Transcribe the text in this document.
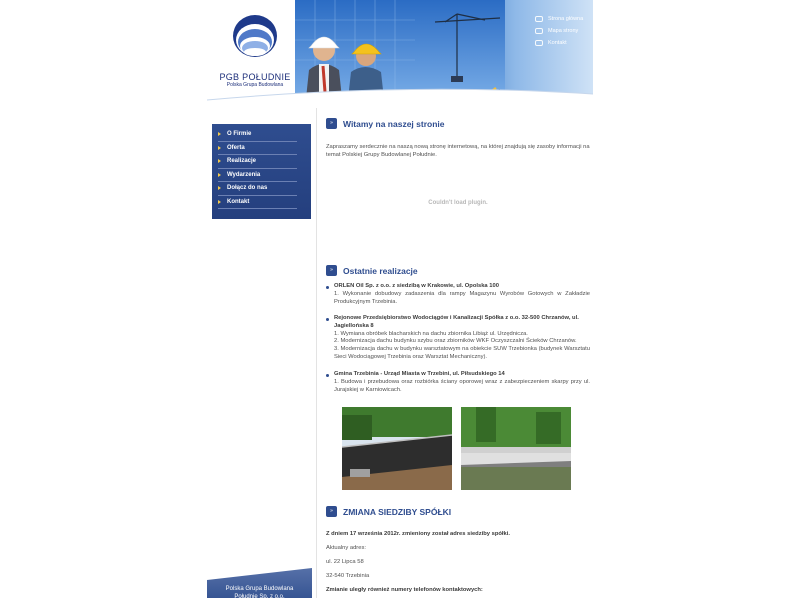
PGB POŁUDNIE
Polska Grupa Budowlana
Strona główna
Mapa strony
Kontakt
O Firmie
Oferta
Realizacje
Wydarzenia
Dołącz do nas
Kontakt
Polska Grupa Budowlana
Południe Sp. z o.o.
» Witamy na naszej stronie
Zapraszamy serdecznie na naszą nową stronę internetową, na której znajdują się zasoby informacji na temat Polskiej Grupy Budowlanej Południe.
Couldn't load plugin.
» Ostatnie realizacje
ORLEN Oil Sp. z o.o. z siedzibą w Krakowie, ul. Opolska 100
1. Wykonanie dobudowy zadaszenia dla rampy Magazynu Wyrobów Gotowych w Zakładzie Produkcyjnym Trzebinia.
Rejonowe Przedsiębiorstwo Wodociągów i Kanalizacji Spółka z o.o. 32-500 Chrzanów, ul. Jagiellońska 8
1. Wymiana obróbek blacharskich na dachu zbiornika Libiąż ul. Urzędnicza.
2. Modernizacja dachu budynku szybu oraz zbiorników WKF Oczyszczalni Ścieków Chrzanów.
3. Modernizacja dachu w budynku warsztatowym na obiekcie SUW Trzebionka (budynek Warsztatu Sieci Wodociągowej Trzebinia oraz Warsztat Mechaniczny).
Gmina Trzebinia - Urząd Miasta w Trzebini, ul. Piłsudskiego 14
1. Budowa i przebudowa oraz rozbiórka ściany oporowej wraz z zabezpieczeniem skarpy przy ul. Jurajskiej w Karniowicach.
» ZMIANA SIEDZIBY SPÓŁKI
Z dniem 17 września 2012r. zmieniony został adres siedziby spółki.
Aktualny adres:
ul. 22 Lipca 58
32-540 Trzebinia
Zmianie uległy również numery telefonów kontaktowych:
